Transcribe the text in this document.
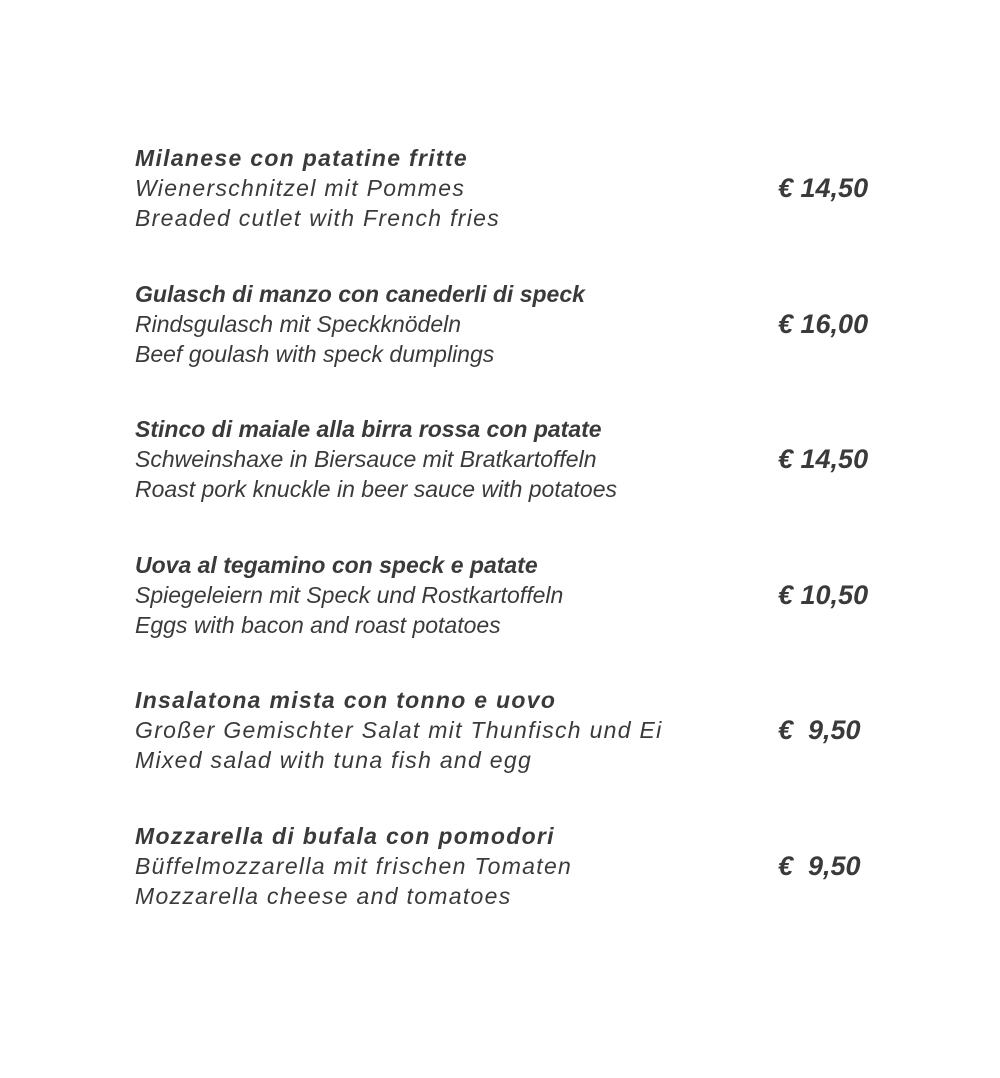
Milanese con patatine fritte

Wienerschnitzel mit Pommes

Breaded cutlet with French fries

€ 14,50

Gulasch di manzo con canederli di speck

Rindsgulasch mit Speckknödeln

Beef goulash with speck dumplings

€ 16,00

Stinco di maiale alla birra rossa con patate

Schweinshaxe in Biersauce mit Bratkartoffeln

Roast pork knuckle in beer sauce with potatoes

€ 14,50

Uova al tegamino con speck e patate

Spiegeleiern mit Speck und Rostkartoffeln

Eggs with bacon and roast potatoes

€ 10,50

Insalatona mista con tonno e uovo

Großer Gemischter Salat mit Thunfisch und Ei

Mixed salad with tuna fish and egg

€  9,50

Mozzarella di bufala con pomodori

Büffelmozzarella mit frischen Tomaten

Mozzarella cheese and tomatoes

€  9,50
